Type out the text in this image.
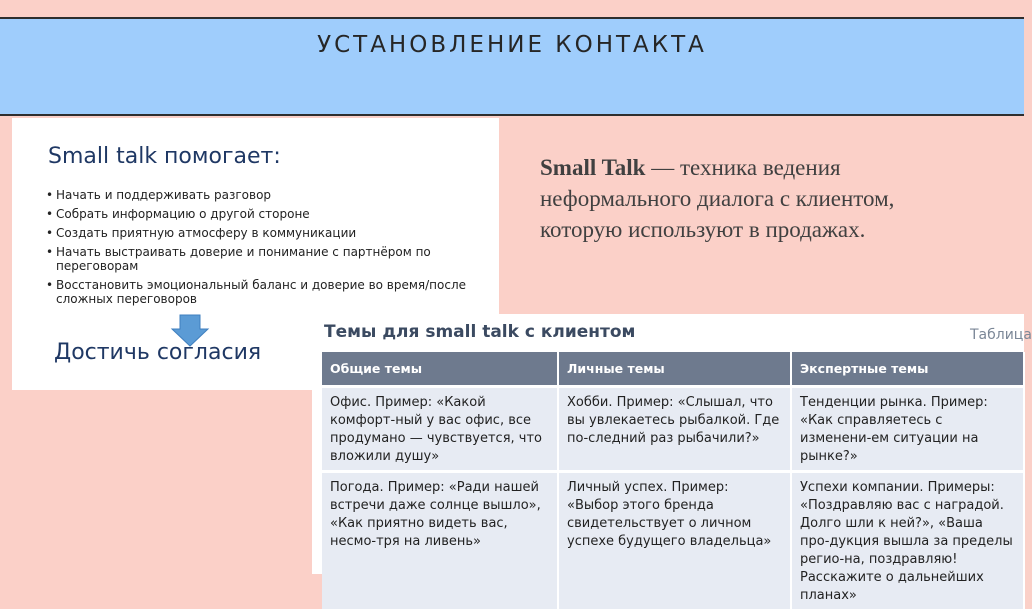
УСТАНОВЛЕНИЕ КОНТАКТА
Small talk помогает:
• Начать и поддерживать разговор
• Собрать информацию о другой стороне
• Создать приятную атмосферу в коммуникации
• Начать выстраивать доверие и понимание с партнёром по переговорам
• Восстановить эмоциональный баланс и доверие во время/после сложных переговоров
Достичь согласия
Small Talk — техника ведения неформального диалога с клиентом, которую используют в продажах.
Темы для small talk с клиентом	Таблица
Общие темы	Личные темы	Экспертные темы
Офис. Пример: «Какой комфорт-ный у вас офис, все продумано — чувствуется, что вложили душу»	Хобби. Пример: «Слышал, что вы увлекаетесь рыбалкой. Где по-следний раз рыбачили?»	Тенденции рынка. Пример: «Как справляетесь с изменени-ем ситуации на рынке?»
Погода. Пример: «Ради нашей встречи даже солнце вышло», «Как приятно видеть вас, несмо-тря на ливень»	Личный успех. Пример: «Выбор этого бренда свидетельствует о личном успехе будущего владельца»	Успехи компании. Примеры: «Поздравляю вас с наградой. Долго шли к ней?», «Ваша про-дукция вышла за пределы регио-на, поздравляю! Расскажите о дальнейших планах»
